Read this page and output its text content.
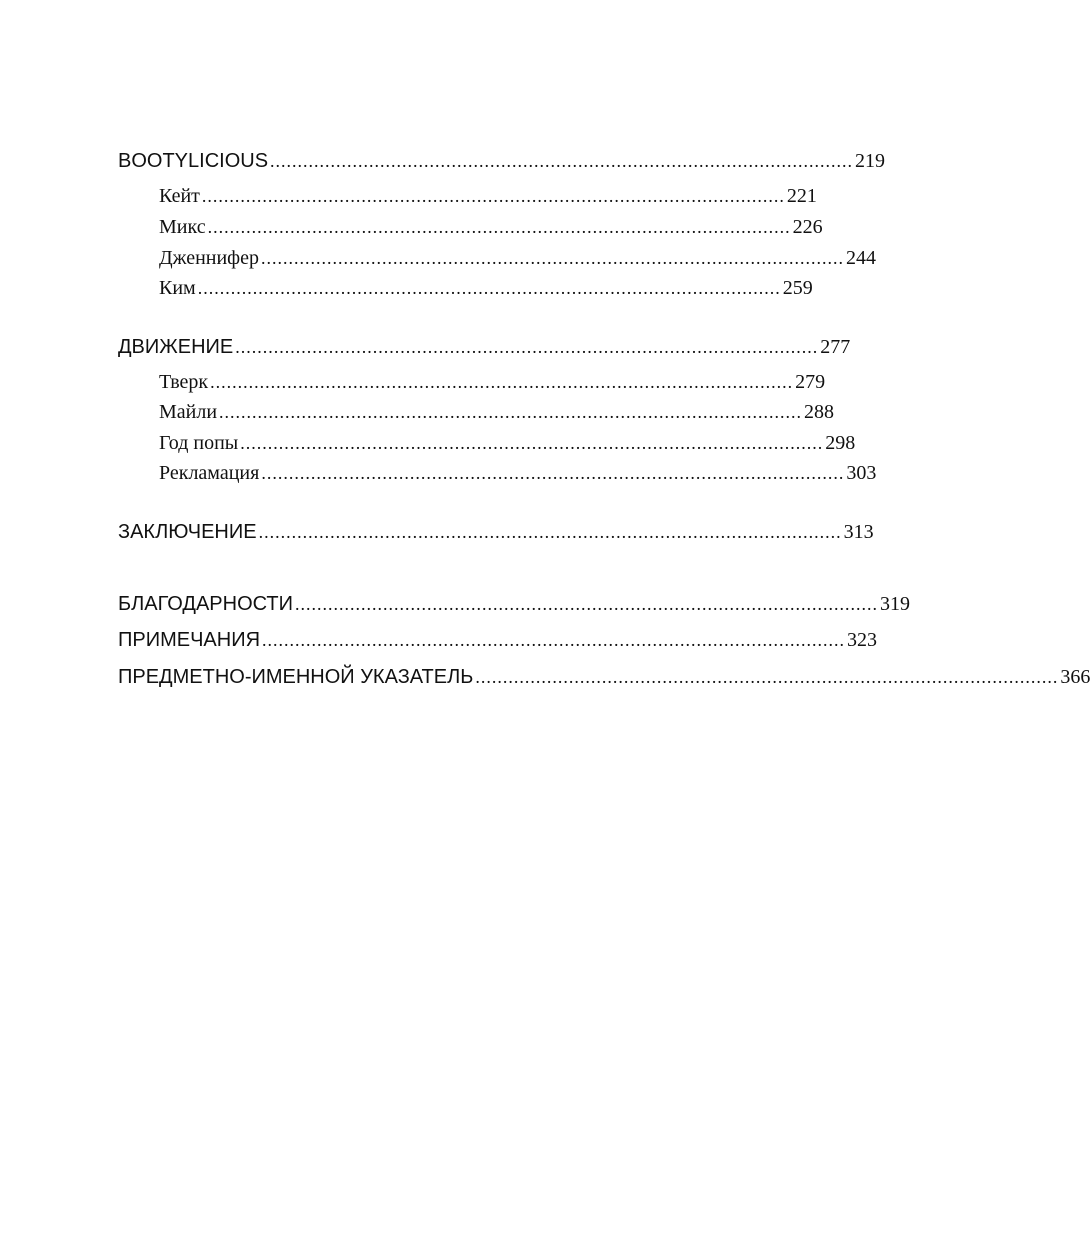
BOOTYLICIOUS .......................................................................................................... 219
Кейт .......................................................................................................... 221
Микс .......................................................................................................... 226
Дженнифер .......................................................................................................... 244
Ким .......................................................................................................... 259
ДВИЖЕНИЕ .......................................................................................................... 277
Тверк .......................................................................................................... 279
Майли .......................................................................................................... 288
Год попы .......................................................................................................... 298
Рекламация .......................................................................................................... 303
ЗАКЛЮЧЕНИЕ .......................................................................................................... 313
БЛАГОДАРНОСТИ .......................................................................................................... 319
ПРИМЕЧАНИЯ .......................................................................................................... 323
ПРЕДМЕТНО-ИМЕННОЙ УКАЗАТЕЛЬ .......................................................................................................... 366
